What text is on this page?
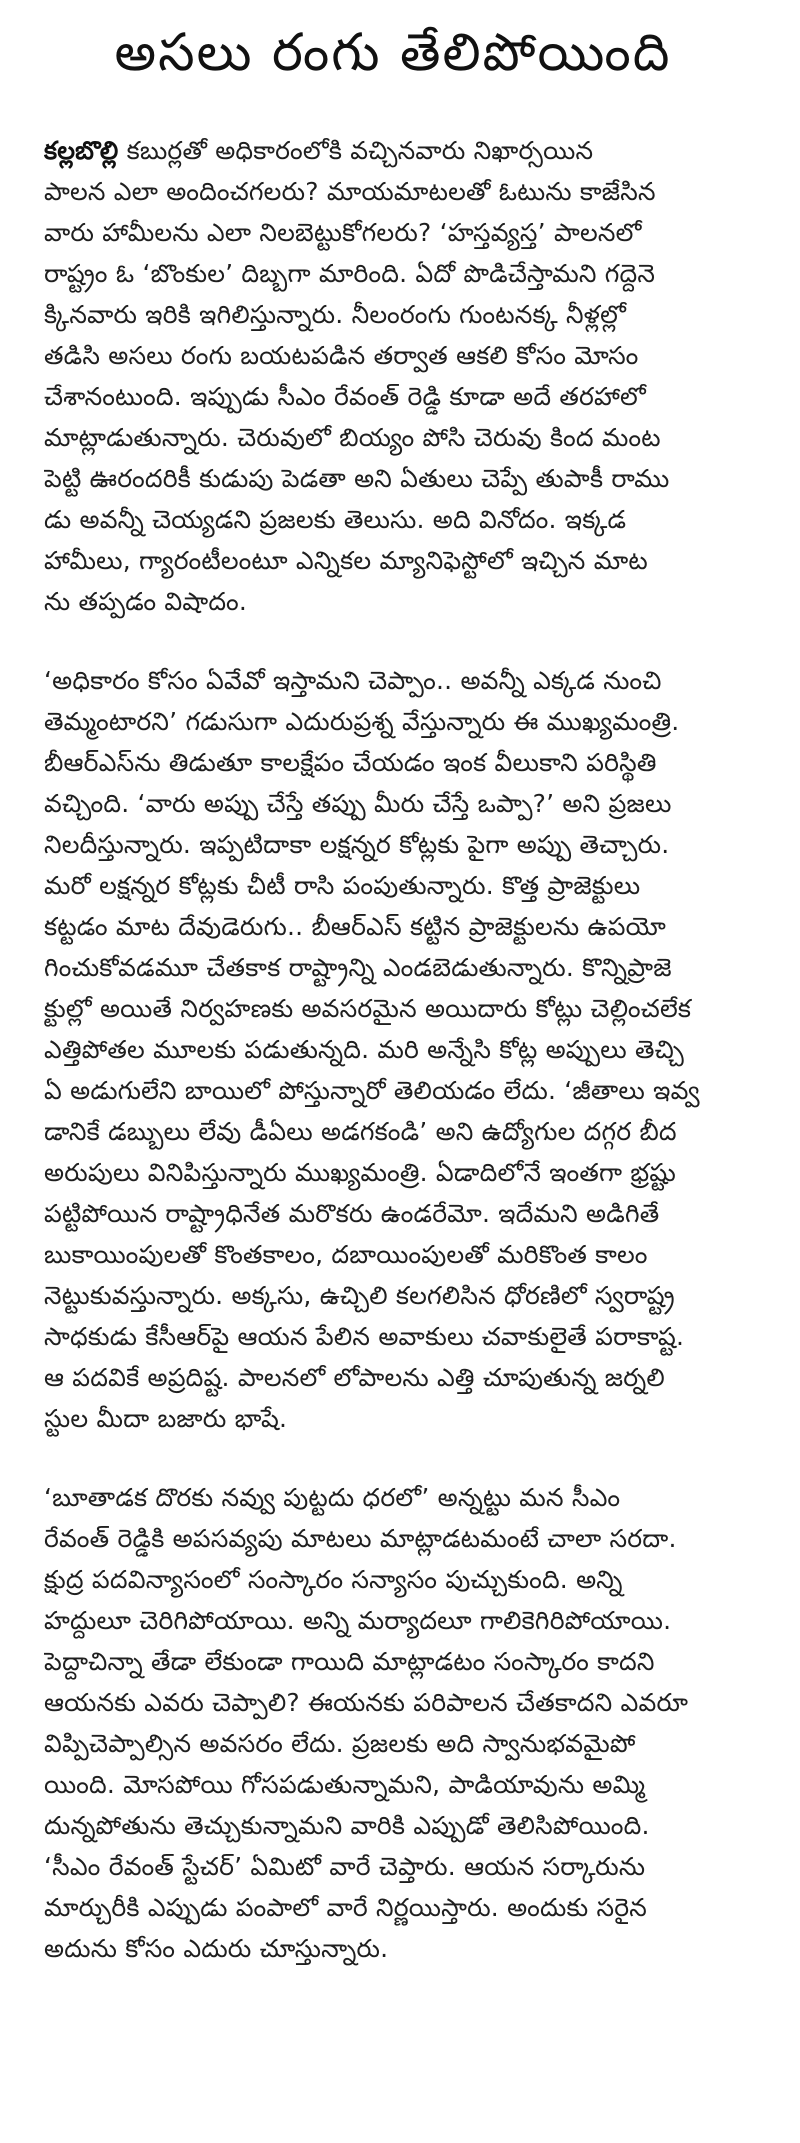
అసలు రంగు తేలిపోయింది

కల్లబొల్లి కబుర్లతో అధికారంలోకి వచ్చినవారు నిఖార్సయిన
పాలన ఎలా అందించగలరు? మాయమాటలతో ఓటును కాజేసిన
వారు హామీలను ఎలా నిలబెట్టుకోగలరు? ‘హస్తవ్యస్త’ పాలనలో
రాష్ట్రం ఓ ‘బొంకుల’ దిబ్బగా మారింది. ఏదో పొడిచేస్తామని గద్దెనె
క్కినవారు ఇరికి ఇగిలిస్తున్నారు. నీలంరంగు గుంటనక్క నీళ్లల్లో
తడిసి అసలు రంగు బయటపడిన తర్వాత ఆకలి కోసం మోసం
చేశానంటుంది. ఇప్పుడు సీఎం రేవంత్ రెడ్డి కూడా అదే తరహాలో
మాట్లాడుతున్నారు. చెరువులో బియ్యం పోసి చెరువు కింద మంట
పెట్టి ఊరందరికీ కుడుపు పెడతా అని ఏతులు చెప్పే తుపాకీ రాము
డు అవన్నీ చెయ్యడని ప్రజలకు తెలుసు. అది వినోదం. ఇక్కడ
హామీలు, గ్యారంటీలంటూ ఎన్నికల మ్యానిఫెస్టోలో ఇచ్చిన మాట
ను తప్పడం విషాదం.

‘అధికారం కోసం ఏవేవో ఇస్తామని చెప్పాం.. అవన్నీ ఎక్కడ నుంచి
తెమ్మంటారని’ గడుసుగా ఎదురుప్రశ్న వేస్తున్నారు ఈ ముఖ్యమంత్రి.
బీఆర్ఎస్‌ను తిడుతూ కాలక్షేపం చేయడం ఇంక వీలుకాని పరిస్థితి
వచ్చింది. ‘వారు అప్పు చేస్తే తప్పు మీరు చేస్తే ఒప్పా?’ అని ప్రజలు
నిలదీస్తున్నారు. ఇప్పటిదాకా లక్షన్నర కోట్లకు పైగా అప్పు తెచ్చారు.
మరో లక్షన్నర కోట్లకు చీటీ రాసి పంపుతున్నారు. కొత్త ప్రాజెక్టులు
కట్టడం మాట దేవుడెరుగు.. బీఆర్ఎస్ కట్టిన ప్రాజెక్టులను ఉపయో
గించుకోవడమూ చేతకాక రాష్ట్రాన్ని ఎండబెడుతున్నారు. కొన్నిప్రాజె
క్టుల్లో అయితే నిర్వహణకు అవసరమైన అయిదారు కోట్లు చెల్లించలేక
ఎత్తిపోతల మూలకు పడుతున్నది. మరి అన్నేసి కోట్ల అప్పులు తెచ్చి
ఏ అడుగులేని బాయిలో పోస్తున్నారో తెలియడం లేదు. ‘జీతాలు ఇవ్వ
డానికే డబ్బులు లేవు డీఏలు అడగకండి’ అని ఉద్యోగుల దగ్గర బీద
అరుపులు వినిపిస్తున్నారు ముఖ్యమంత్రి. ఏడాదిలోనే ఇంతగా భ్రష్టు
పట్టిపోయిన రాష్ట్రాధినేత మరొకరు ఉండరేమో. ఇదేమని అడిగితే
బుకాయింపులతో కొంతకాలం, దబాయింపులతో మరికొంత కాలం
నెట్టుకువస్తున్నారు. అక్కసు, ఉచ్చిలి కలగలిసిన ధోరణిలో స్వరాష్ట్ర
సాధకుడు కేసీఆర్‌పై ఆయన పేలిన అవాకులు చవాకులైతే పరాకాష్ట.
ఆ పదవికే అప్రదిష్ట. పాలనలో లోపాలను ఎత్తి చూపుతున్న జర్నలి
స్టుల మీదా బజారు భాషే.

‘బూతాడక దొరకు నవ్వు పుట్టదు ధరలో’ అన్నట్టు మన సీఎం
రేవంత్ రెడ్డికి అపసవ్యపు మాటలు మాట్లాడటమంటే చాలా సరదా.
క్షుద్ర పదవిన్యాసంలో సంస్కారం సన్యాసం పుచ్చుకుంది. అన్ని
హద్దులూ చెరిగిపోయాయి. అన్ని మర్యాదలూ గాలికెగిరిపోయాయి.
పెద్దాచిన్నా తేడా లేకుండా గాయిది మాట్లాడటం సంస్కారం కాదని
ఆయనకు ఎవరు చెప్పాలి? ఈయనకు పరిపాలన చేతకాదని ఎవరూ
విప్పిచెప్పాల్సిన అవసరం లేదు. ప్రజలకు అది స్వానుభవమైపో
యింది. మోసపోయి గోసపడుతున్నామని, పాడియావును అమ్మి
దున్నపోతును తెచ్చుకున్నామని వారికి ఎప్పుడో తెలిసిపోయింది.
‘సీఎం రేవంత్ స్టేచర్’ ఏమిటో వారే చెప్తారు. ఆయన సర్కారును
మార్చురీకి ఎప్పుడు పంపాలో వారే నిర్ణయిస్తారు. అందుకు సరైన
అదును కోసం ఎదురు చూస్తున్నారు.
